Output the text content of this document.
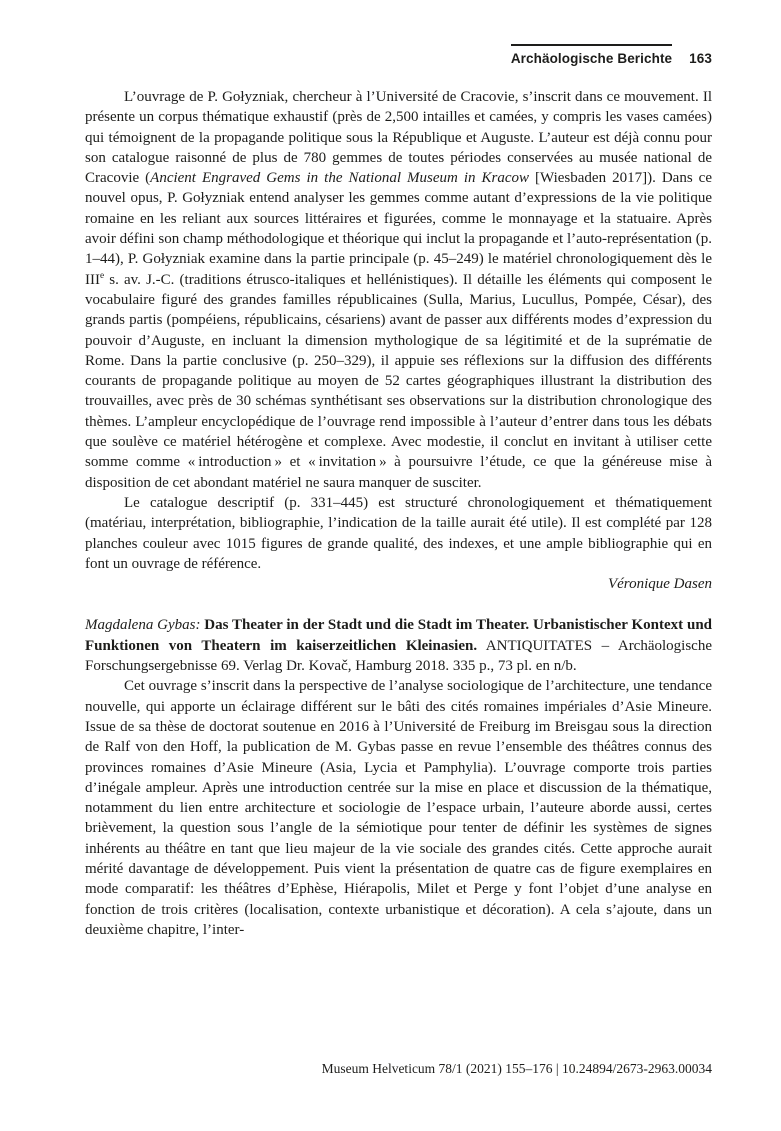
Archäologische Berichte 163

L’ouvrage de P. Gołyzniak, chercheur à l’Université de Cracovie, s’inscrit dans ce mouvement. Il présente un corpus thématique exhaustif (près de 2,500 intailles et camées, y compris les vases camées) qui témoignent de la propagande politique sous la République et Auguste. L’auteur est déjà connu pour son catalogue raisonné de plus de 780 gemmes de toutes périodes conservées au musée national de Cracovie (Ancient Engraved Gems in the National Museum in Kracow [Wiesbaden 2017]). Dans ce nouvel opus, P. Gołyzniak entend analyser les gemmes comme autant d’expressions de la vie politique romaine en les reliant aux sources littéraires et figurées, comme le monnayage et la statuaire. Après avoir défini son champ méthodologique et théorique qui inclut la propagande et l’auto-représentation (p. 1–44), P. Gołyzniak examine dans la partie principale (p. 45–249) le matériel chronologiquement dès le IIIe s. av. J.-C. (traditions étrusco-italiques et hellénistiques). Il détaille les éléments qui composent le vocabulaire figuré des grandes familles républicaines (Sulla, Marius, Lucullus, Pompée, César), des grands partis (pompéiens, républicains, césariens) avant de passer aux différents modes d’expression du pouvoir d’Auguste, en incluant la dimension mythologique de sa légitimité et de la suprématie de Rome. Dans la partie conclusive (p. 250–329), il appuie ses réflexions sur la diffusion des différents courants de propagande politique au moyen de 52 cartes géographiques illustrant la distribution des trouvailles, avec près de 30 schémas synthétisant ses observations sur la distribution chronologique des thèmes. L’ampleur encyclopédique de l’ouvrage rend impossible à l’auteur d’entrer dans tous les débats que soulève ce matériel hétérogène et complexe. Avec modestie, il conclut en invitant à utiliser cette somme comme « introduction » et « invitation » à poursuivre l’étude, ce que la généreuse mise à disposition de cet abondant matériel ne saura manquer de susciter.

Le catalogue descriptif (p. 331–445) est structuré chronologiquement et thématiquement (matériau, interprétation, bibliographie, l’indication de la taille aurait été utile). Il est complété par 128 planches couleur avec 1015 figures de grande qualité, des indexes, et une ample bibliographie qui en font un ouvrage de référence.

Véronique Dasen

Magdalena Gybas: Das Theater in der Stadt und die Stadt im Theater. Urbanistischer Kontext und Funktionen von Theatern im kaiserzeitlichen Kleinasien. ANTIQUITATES – Archäologische Forschungsergebnisse 69. Verlag Dr. Kovač, Hamburg 2018. 335 p., 73 pl. en n/b.

Cet ouvrage s’inscrit dans la perspective de l’analyse sociologique de l’architecture, une tendance nouvelle, qui apporte un éclairage différent sur le bâti des cités romaines impériales d’Asie Mineure. Issue de sa thèse de doctorat soutenue en 2016 à l’Université de Freiburg im Breisgau sous la direction de Ralf von den Hoff, la publication de M. Gybas passe en revue l’ensemble des théâtres connus des provinces romaines d’Asie Mineure (Asia, Lycia et Pamphylia). L’ouvrage comporte trois parties d’inégale ampleur. Après une introduction centrée sur la mise en place et discussion de la thématique, notamment du lien entre architecture et sociologie de l’espace urbain, l’auteure aborde aussi, certes brièvement, la question sous l’angle de la sémiotique pour tenter de définir les systèmes de signes inhérents au théâtre en tant que lieu majeur de la vie sociale des grandes cités. Cette approche aurait mérité davantage de développement. Puis vient la présentation de quatre cas de figure exemplaires en mode comparatif: les théâtres d’Ephèse, Hiérapolis, Milet et Perge y font l’objet d’une analyse en fonction de trois critères (localisation, contexte urbanistique et décoration). A cela s’ajoute, dans un deuxième chapitre, l’inter-

Museum Helveticum 78/1 (2021) 155–176 | 10.24894/2673-2963.00034
